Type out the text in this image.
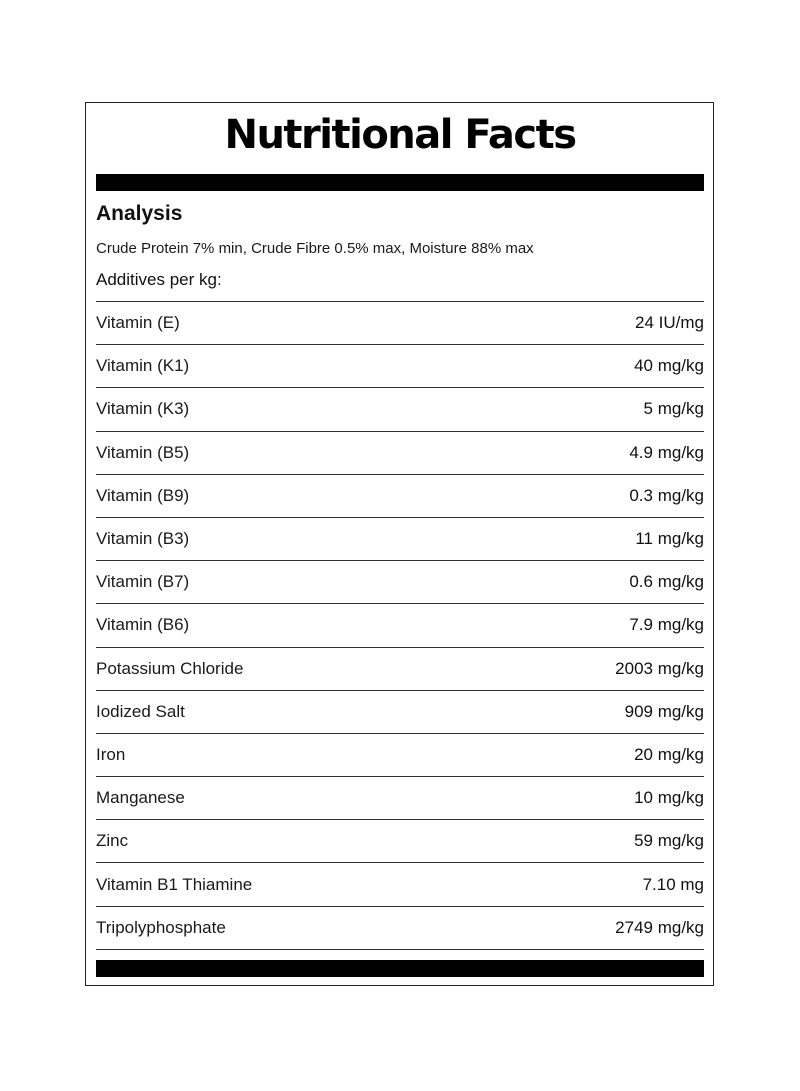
Nutritional Facts
Analysis
Crude Protein 7% min, Crude Fibre 0.5% max, Moisture 88% max
Additives per kg:
Vitamin (E)	24 IU/mg
Vitamin (K1)	40 mg/kg
Vitamin (K3)	5 mg/kg
Vitamin (B5)	4.9 mg/kg
Vitamin (B9)	0.3 mg/kg
Vitamin (B3)	11 mg/kg
Vitamin (B7)	0.6 mg/kg
Vitamin (B6)	7.9 mg/kg
Potassium Chloride	2003 mg/kg
Iodized Salt	909 mg/kg
Iron	20 mg/kg
Manganese	10 mg/kg
Zinc	59 mg/kg
Vitamin B1 Thiamine	7.10 mg
Tripolyphosphate	2749 mg/kg
